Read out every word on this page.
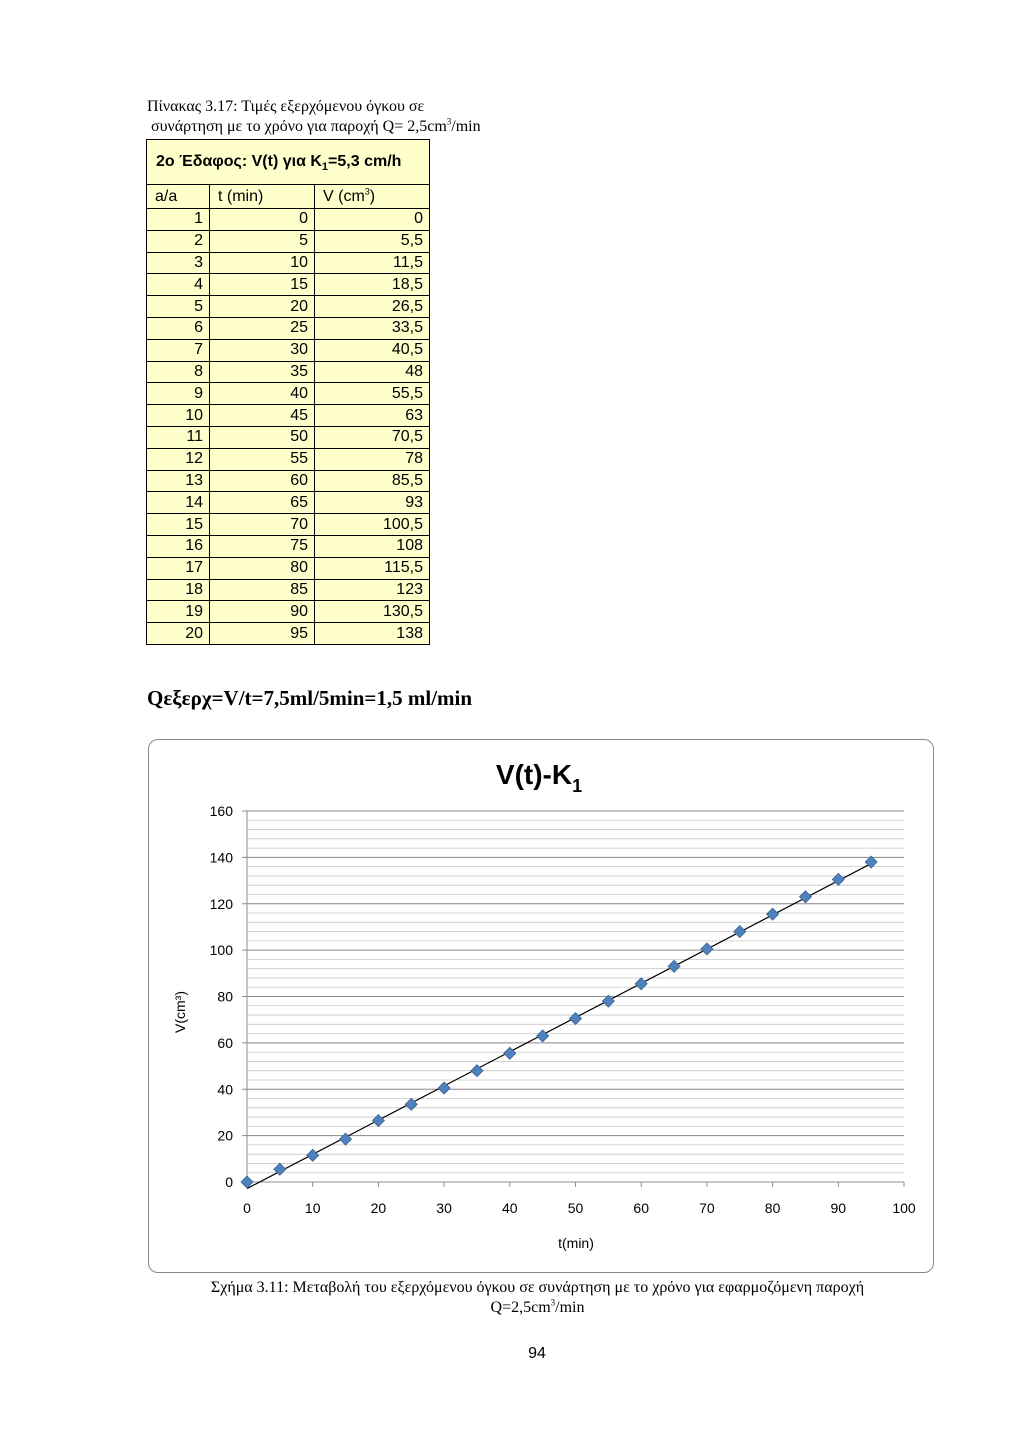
Πίνακας 3.17: Τιμές εξερχόμενου όγκου σε

συνάρτηση με το χρόνο για παροχή $Q= 2,5cm^3/\min$
2ο Έδαφος: V(t) για $K_1=5,3$ cm/h		
a/a	t (min)	V $(cm^3)$
1	0	0
2	5	5,5
3	10	11,5
4	15	18,5
5	20	26,5
6	25	33,5
7	30	40,5
8	35	48
9	40	55,5
10	45	63
11	50	70,5
12	55	78
13	60	85,5
14	65	93
15	70	100,5
16	75	108
17	80	115,5
18	85	123
19	90	130,5
20	95	138
Qεξερχ=V/t=7,5ml/5min=1,5 ml/min
$V(t)-K_1$
t(min)
V(cm³)
0
20
40
60
80
100
120
140
160
0	10	20	30	40	50	60	70	80	90	100
Σχήμα 3.11: Μεταβολή του εξερχόμενου όγκου σε συνάρτηση με το χρόνο για εφαρμοζόμενη παροχή
$Q=2,5cm^3/\min$
94
